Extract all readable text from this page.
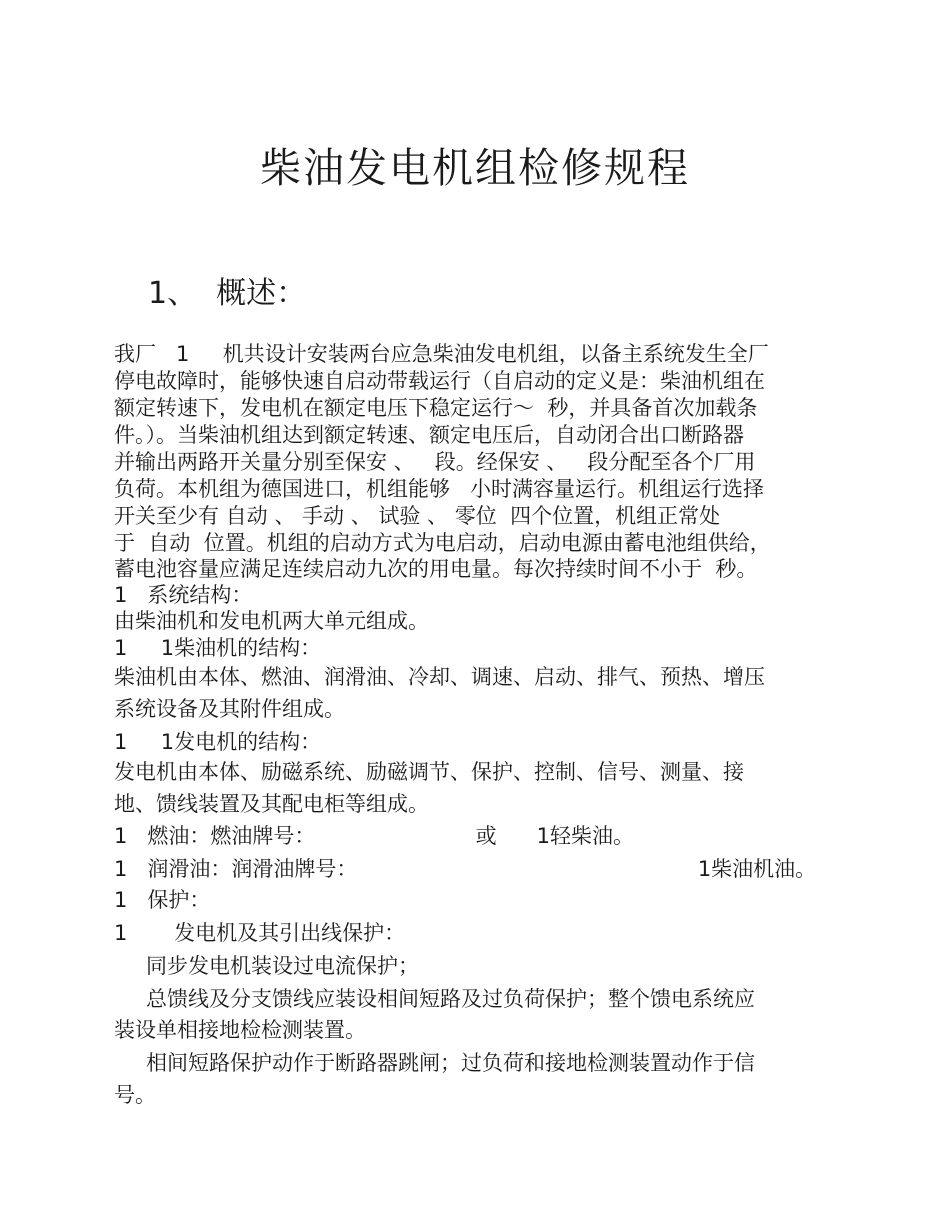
柴油发电机组检修规程
1、  概述：
我厂   1     机共设计安装两台应急柴油发电机组，以备主系统发生全厂
停电故障时，能够快速自启动带载运行（自启动的定义是：柴油机组在
额定转速下，发电机在额定电压下稳定运行～  秒，并具备首次加载条
件。）。当柴油机组达到额定转速、额定电压后，自动闭合出口断路器
并输出两路开关量分别至保安 、   段。经保安 、   段分配至各个厂用
负荷。本机组为德国进口，机组能够   小时满容量运行。机组运行选择
开关至少有 自动 、 手动 、 试验 、 零位  四个位置，机组正常处
于  自动  位置。机组的启动方式为电启动，启动电源由蓄电池组供给，
蓄电池容量应满足连续启动九次的用电量。每次持续时间不小于  秒。
1   系统结构：
由柴油机和发电机两大单元组成。
1     1柴油机的结构：
柴油机由本体、燃油、润滑油、冷却、调速、启动、排气、预热、增压
系统设备及其附件组成。
1     1发电机的结构：
发电机由本体、励磁系统、励磁调节、保护、控制、信号、测量、接
地、馈线装置及其配电柜等组成。
1   燃油：燃油牌号：                        或      1轻柴油。
1   润滑油：润滑油牌号：                                                   1柴油机油。
1   保护：
1       发电机及其引出线保护：
同步发电机装设过电流保护；
总馈线及分支馈线应装设相间短路及过负荷保护；整个馈电系统应
装设单相接地检检测装置。
相间短路保护动作于断路器跳闸；过负荷和接地检测装置动作于信
号。
